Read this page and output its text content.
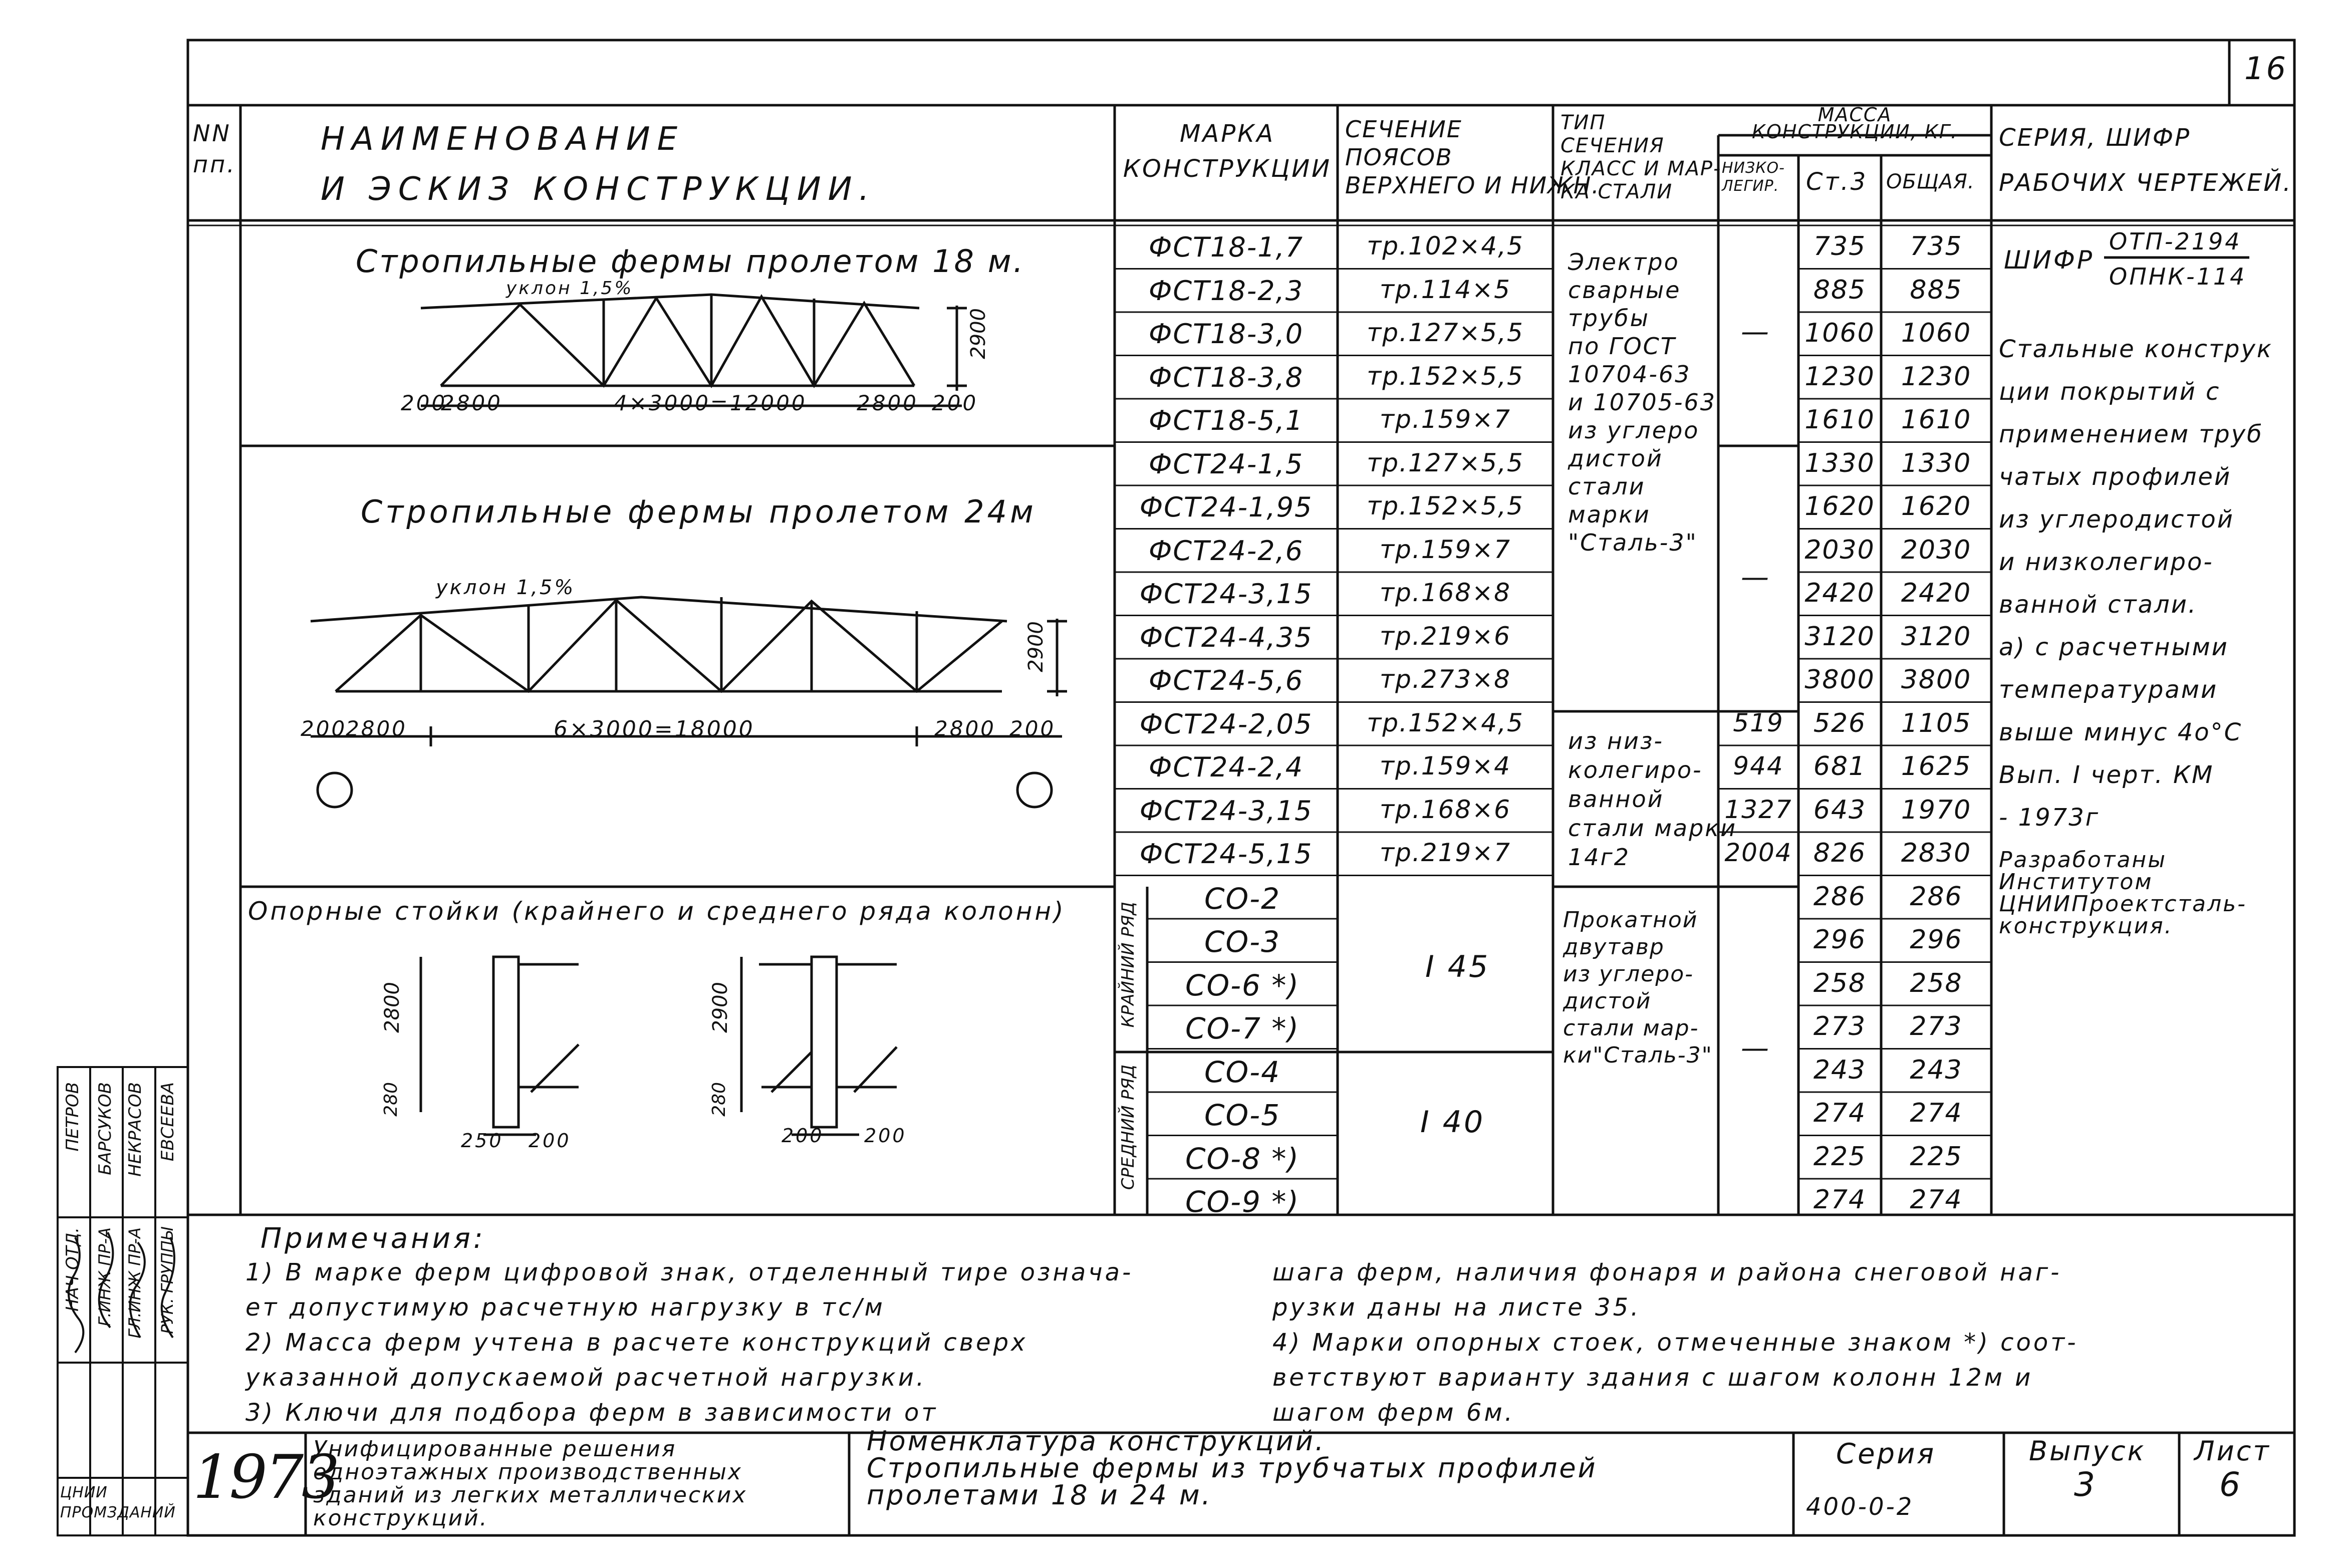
16
NN
пп.
НАИМЕНОВАНИЕ
И ЭСКИЗ КОНСТРУКЦИИ.
МАРКА
КОНСТРУКЦИИ
СЕЧЕНИЕ
ПОЯСОВ
ВЕРХНЕГО И НИЖН.
ТИП
СЕЧЕНИЯ
КЛАСС И МАР-
КА СТАЛИ
МАССА
КОНСТРУКЦИИ, КГ.
НИЗКО-
ЛЕГИР. Ст.3 ОБЩАЯ.
СЕРИЯ, ШИФР
РАБОЧИХ ЧЕРТЕЖЕЙ.
Стропильные фермы пролетом 18 м.
уклон 1,5%
2900
200
2800	4×3000=12000 2800 200
Стропильные фермы пролетом 24м
уклон 1,5%
2900
200
2800	6×3000=18000	2800 200
Опорные стойки (крайнего и среднего ряда колонн)
2800
280
250 200
2900
280
200 200
КРАЙНИЙ РЯД
СРЕДНИЙ РЯД
ФСТ18-1,7	тр.102×4,5	735	735
ФСТ18-2,3	тр.114×5	885	885
ФСТ18-3,0	тр.127×5,5	1060	1060
ФСТ18-3,8	тр.152×5,5	1230	1230
ФСТ18-5,1	тр.159×7	1610	1610
ФСТ24-1,5	тр.127×5,5	1330	1330
ФСТ24-1,95	тр.152×5,5	1620	1620
ФСТ24-2,6	тр.159×7	2030	2030
ФСТ24-3,15	тр.168×8	2420	2420
ФСТ24-4,35	тр.219×6	3120	3120
ФСТ24-5,6	тр.273×8	3800	3800
ФСТ24-2,05	тр.152×4,5	519	526	1105
ФСТ24-2,4	тр.159×4	944	681	1625
ФСТ24-3,15	тр.168×6	1327 643	1970
ФСТ24-5,15	тр.219×7	2004 826	2830
СО-2	286	286
СО-3	296	296
СО-6 *)	258	258
СО-7 *)	273	273
СО-4	243	243
СО-5	274	274
СО-8 *)	225	225
СО-9 *)	274	274
I 45
I 40
Электро
сварные
трубы
по ГОСТ
10704-63
и 10705-63
из углеро
дистой
стали
марки
"Сталь-3"
из низ-
колегиро-
ванной
стали марки
14г2
Прокатной
двутавр
из углеро-
дистой
стали мар-
ки"Сталь-3"
—
—
—
ШИФР
ОТП-2194
ОПНК-114
Стальные конструк
ции покрытий с
применением труб
чатых профилей
из углеродистой
и низколегиро-
ванной стали.
а) с расчетными
температурами
выше минус 4о°С
Вып. I черт. КМ
- 1973г
Разработаны
Институтом
ЦНИИПроектсталь-
конструкция.
Примечания:
1) В марке ферм цифровой знак, отделенный тире означа-
ет допустимую расчетную нагрузку в тс/м
2) Масса ферм учтена в расчете конструкций сверх
указанной допускаемой расчетной нагрузки.
3) Ключи для подбора ферм в зависимости от
шага ферм, наличия фонаря и района снеговой наг-
рузки даны на листе 35.
4) Марки опорных стоек, отмеченные знаком *) соот-
ветствуют варианту здания с шагом колонн 12м и
шагом ферм 6м.
1973
Унифицированные решения
одноэтажных производственных
зданий из легких металлических
конструкций.
Номенклатура конструкций.
Стропильные фермы из трубчатых профилей
пролетами 18 и 24 м.
Серия
400-0-2
Выпуск
3
Лист
6
НАЧ ОТД. Г.ИНЖ ПР-А ГЛ.ИНЖ ПР-А РУК. ГРУППЫ
ПЕТРОВ БАРСУКОВ НЕКРАСОВ ЕВСЕЕВА
ЦНИИ
ПРОМЗДАНИЙ
